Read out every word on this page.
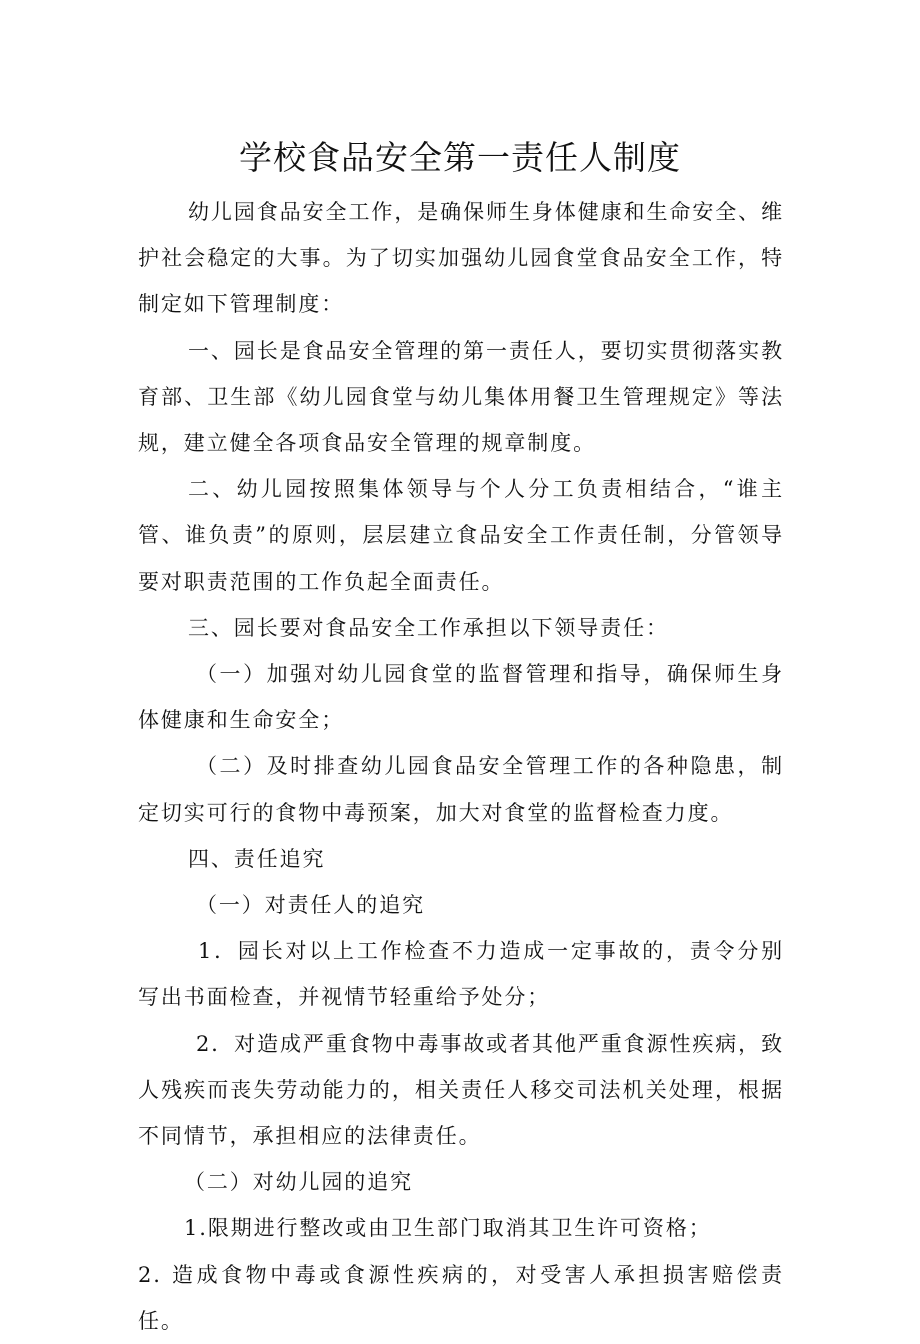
学校食品安全第一责任人制度

幼儿园食品安全工作，是确保师生身体健康和生命安全、维护社会稳定的大事。为了切实加强幼儿园食堂食品安全工作，特制定如下管理制度：

一、园长是食品安全管理的第一责任人，要切实贯彻落实教育部、卫生部《幼儿园食堂与幼儿集体用餐卫生管理规定》等法规，建立健全各项食品安全管理的规章制度。

二、幼儿园按照集体领导与个人分工负责相结合，“谁主管、谁负责”的原则，层层建立食品安全工作责任制，分管领导要对职责范围的工作负起全面责任。

三、园长要对食品安全工作承担以下领导责任：

（一）加强对幼儿园食堂的监督管理和指导，确保师生身体健康和生命安全；

（二）及时排查幼儿园食品安全管理工作的各种隐患，制定切实可行的食物中毒预案，加大对食堂的监督检查力度。

四、责任追究

（一）对责任人的追究

1．园长对以上工作检查不力造成一定事故的，责令分别写出书面检查，并视情节轻重给予处分；

2．对造成严重食物中毒事故或者其他严重食源性疾病，致人残疾而丧失劳动能力的，相关责任人移交司法机关处理，根据不同情节，承担相应的法律责任。

（二）对幼儿园的追究

1.限期进行整改或由卫生部门取消其卫生许可资格；

2. 造成食物中毒或食源性疾病的，对受害人承担损害赔偿责任。
